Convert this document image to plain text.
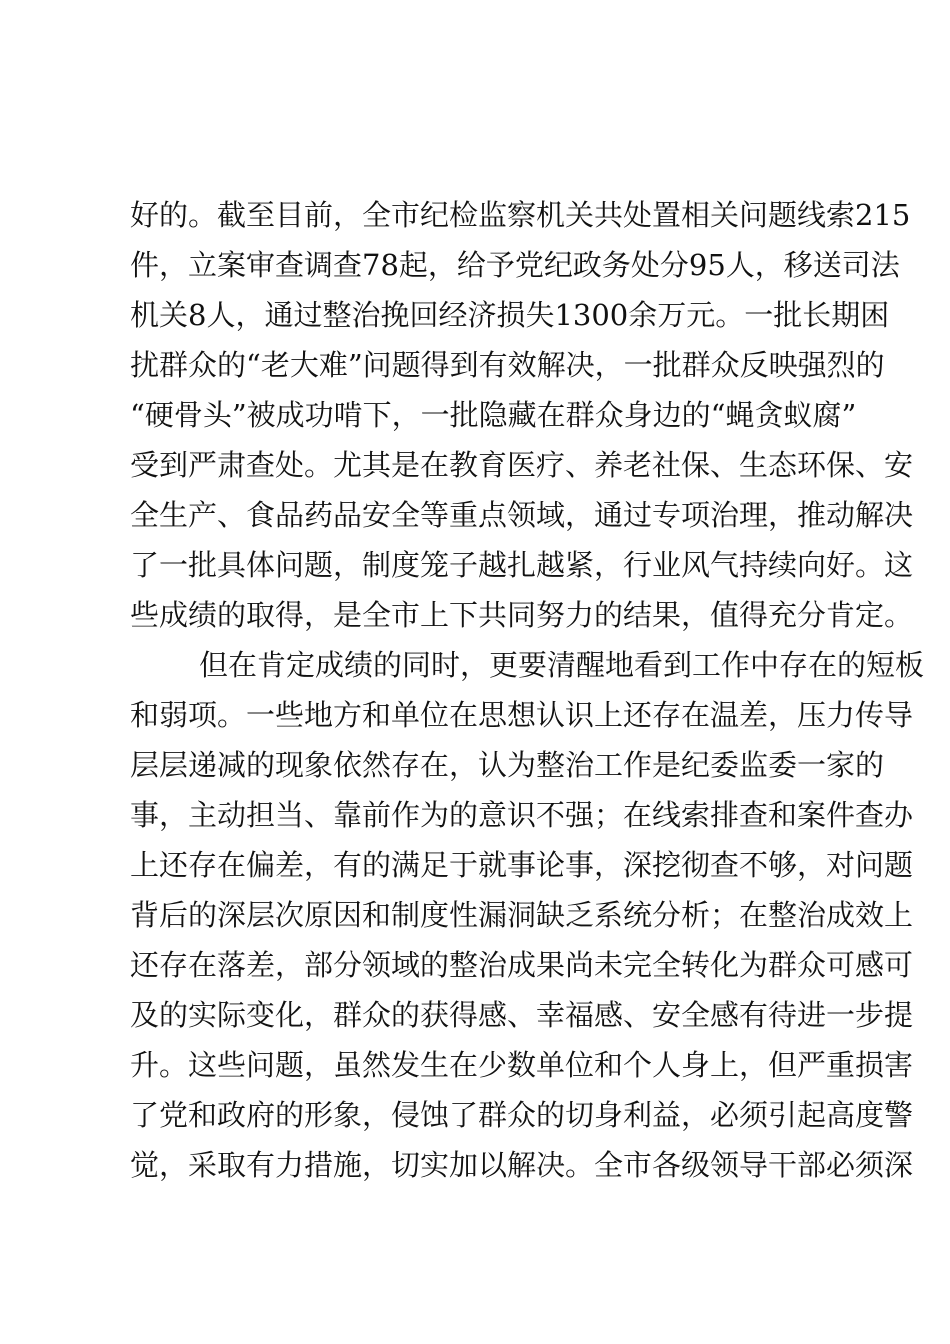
好的。截至目前，全市纪检监察机关共处置相关问题线索215
件，立案审查调查78起，给予党纪政务处分95人，移送司法
机关8人，通过整治挽回经济损失1300余万元。一批长期困
扰群众的“老大难”问题得到有效解决，一批群众反映强烈的
“硬骨头”被成功啃下，一批隐藏在群众身边的“蝇贪蚁腐”
受到严肃查处。尤其是在教育医疗、养老社保、生态环保、安
全生产、食品药品安全等重点领域，通过专项治理，推动解决
了一批具体问题，制度笼子越扎越紧，行业风气持续向好。这
些成绩的取得，是全市上下共同努力的结果，值得充分肯定。
但在肯定成绩的同时，更要清醒地看到工作中存在的短板
和弱项。一些地方和单位在思想认识上还存在温差，压力传导
层层递减的现象依然存在，认为整治工作是纪委监委一家的
事，主动担当、靠前作为的意识不强；在线索排查和案件查办
上还存在偏差，有的满足于就事论事，深挖彻查不够，对问题
背后的深层次原因和制度性漏洞缺乏系统分析；在整治成效上
还存在落差，部分领域的整治成果尚未完全转化为群众可感可
及的实际变化，群众的获得感、幸福感、安全感有待进一步提
升。这些问题，虽然发生在少数单位和个人身上，但严重损害
了党和政府的形象，侵蚀了群众的切身利益，必须引起高度警
觉，采取有力措施，切实加以解决。全市各级领导干部必须深
